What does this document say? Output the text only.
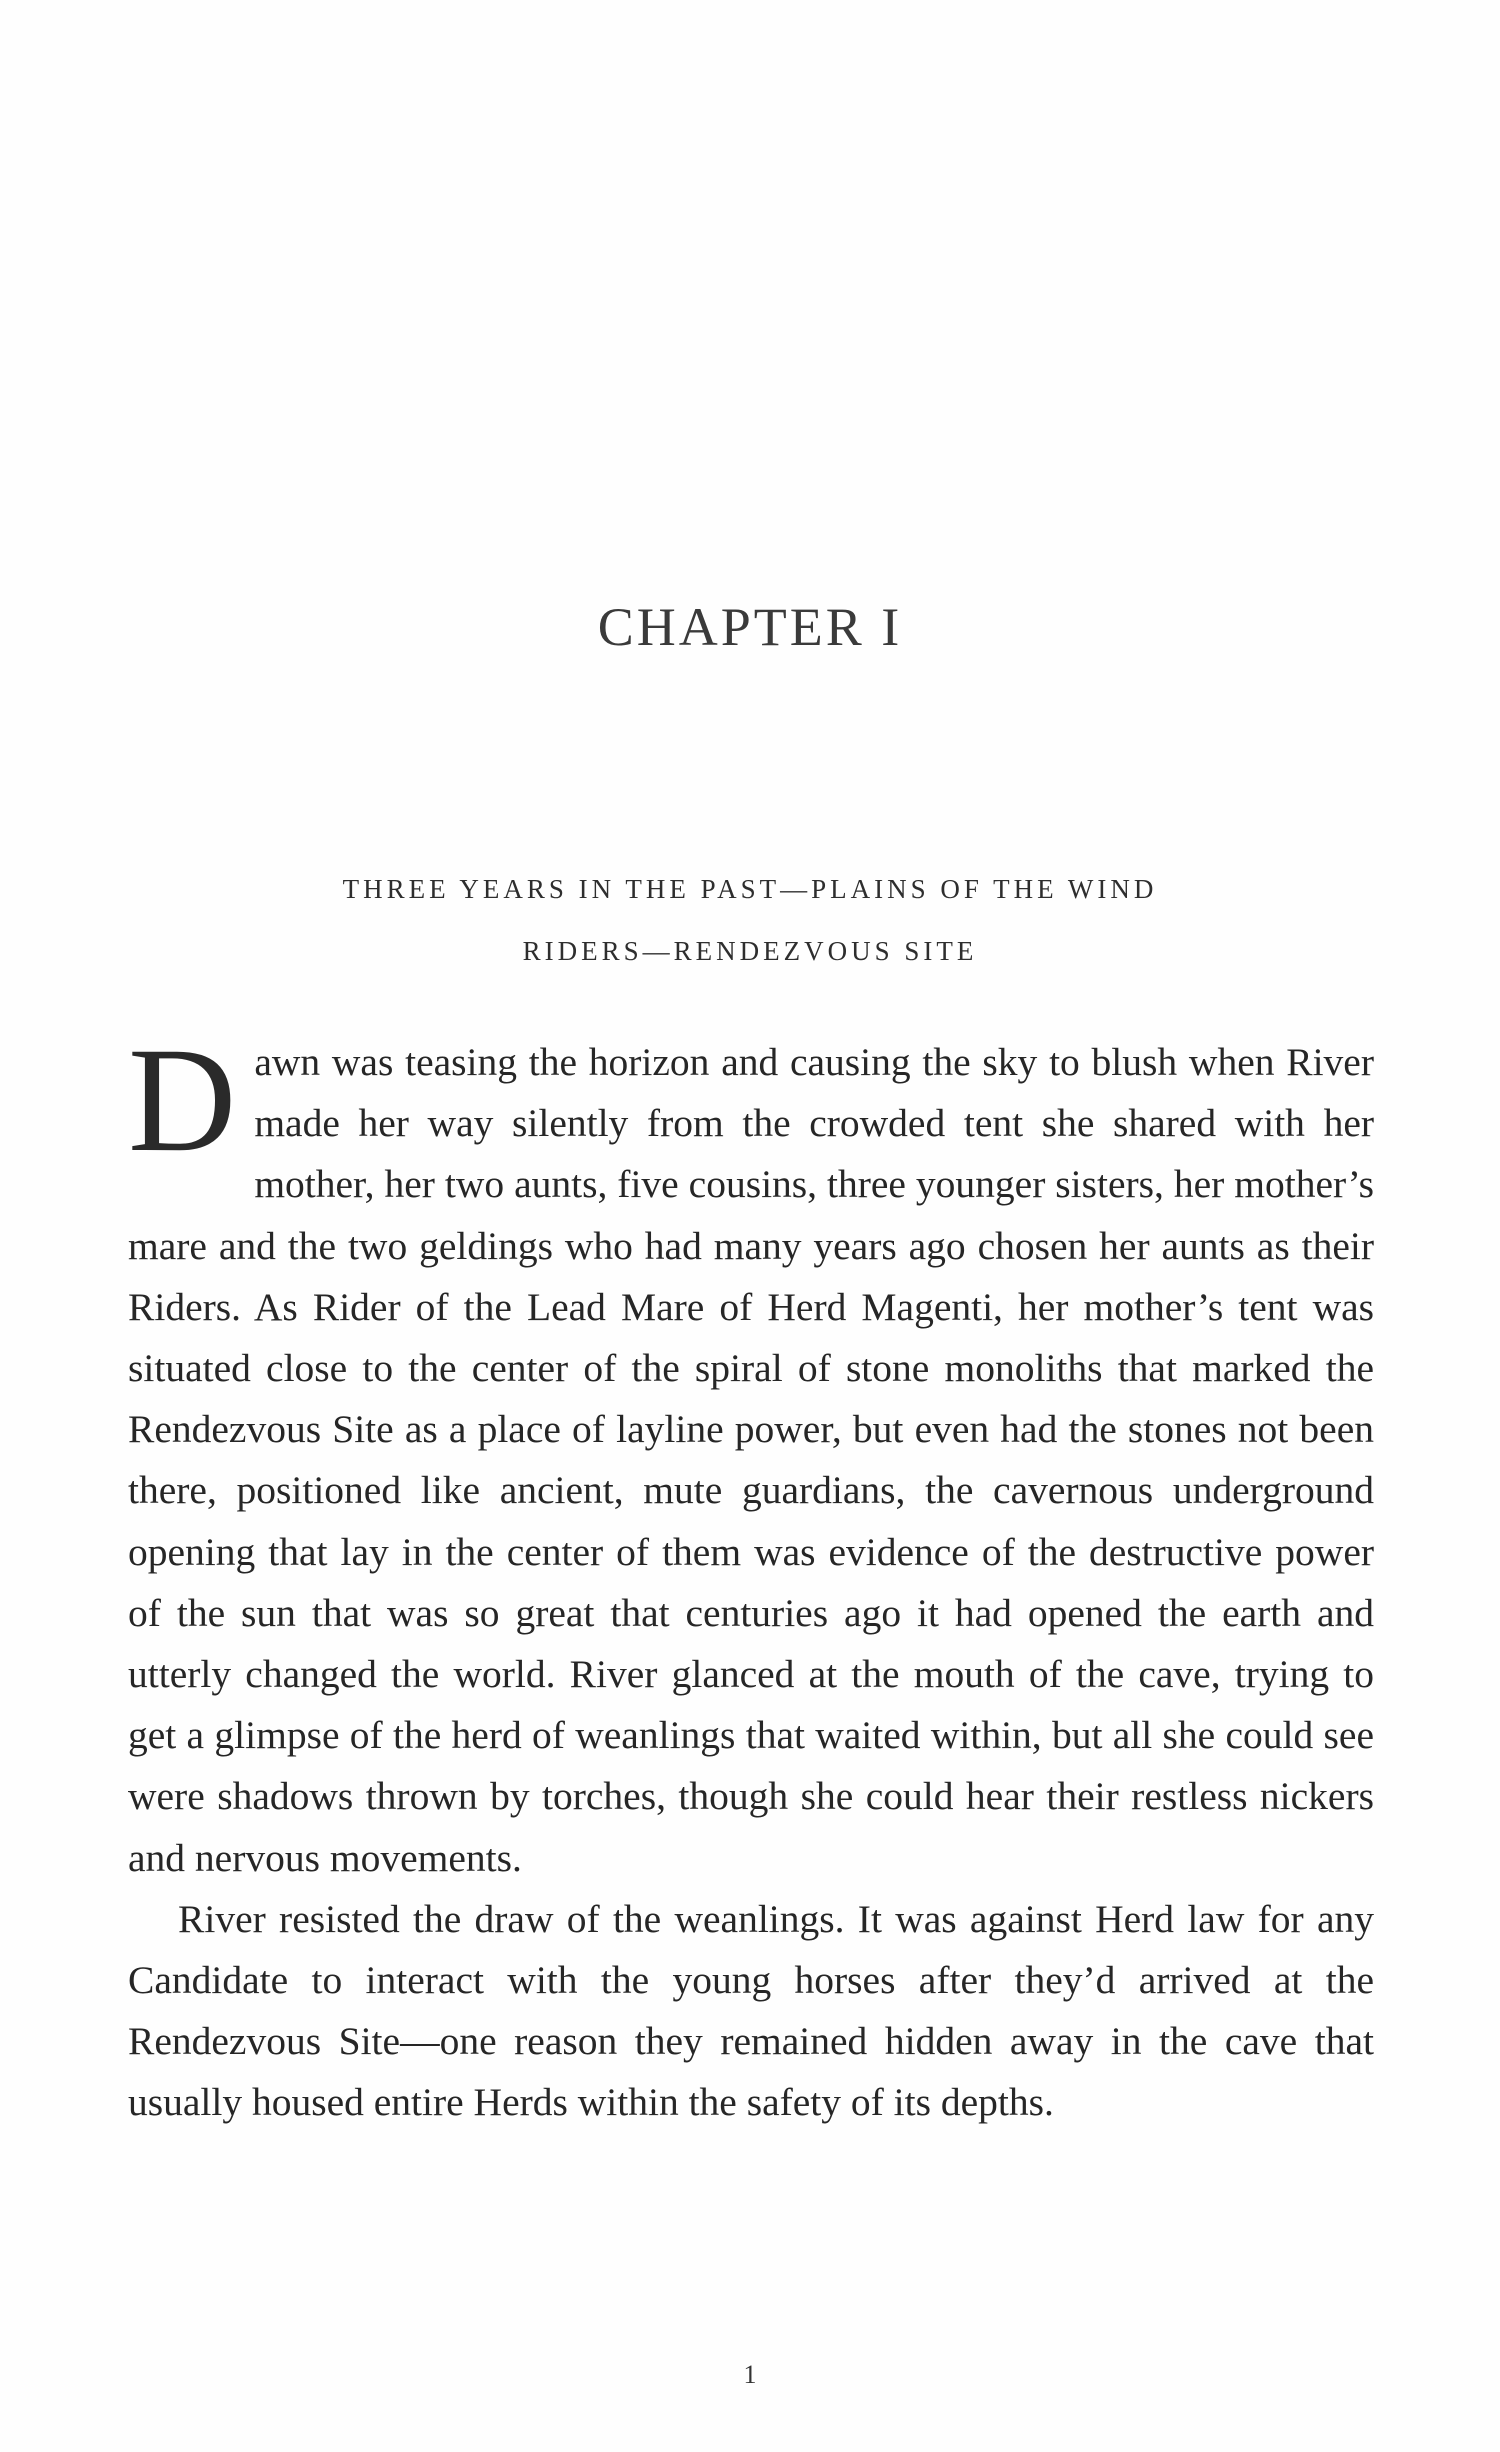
CHAPTER I
THREE YEARS IN THE PAST—PLAINS OF THE WIND
RIDERS—RENDEZVOUS SITE

Dawn was teasing the horizon and causing the sky to blush when River made her way silently from the crowded tent she shared with her mother, her two aunts, five cousins, three younger sisters, her mother’s mare and the two geldings who had many years ago chosen her aunts as their Riders. As Rider of the Lead Mare of Herd Magenti, her mother’s tent was situated close to the center of the spiral of stone monoliths that marked the Rendezvous Site as a place of layline power, but even had the stones not been there, positioned like ancient, mute guardians, the cavernous underground opening that lay in the center of them was evidence of the destructive power of the sun that was so great that centuries ago it had opened the earth and utterly changed the world. River glanced at the mouth of the cave, trying to get a glimpse of the herd of weanlings that waited within, but all she could see were shadows thrown by torches, though she could hear their restless nickers and nervous movements.

River resisted the draw of the weanlings. It was against Herd law for any Candidate to interact with the young horses after they’d arrived at the Rendezvous Site—one reason they remained hidden away in the cave that usually housed entire Herds within the safety of its depths.

1
